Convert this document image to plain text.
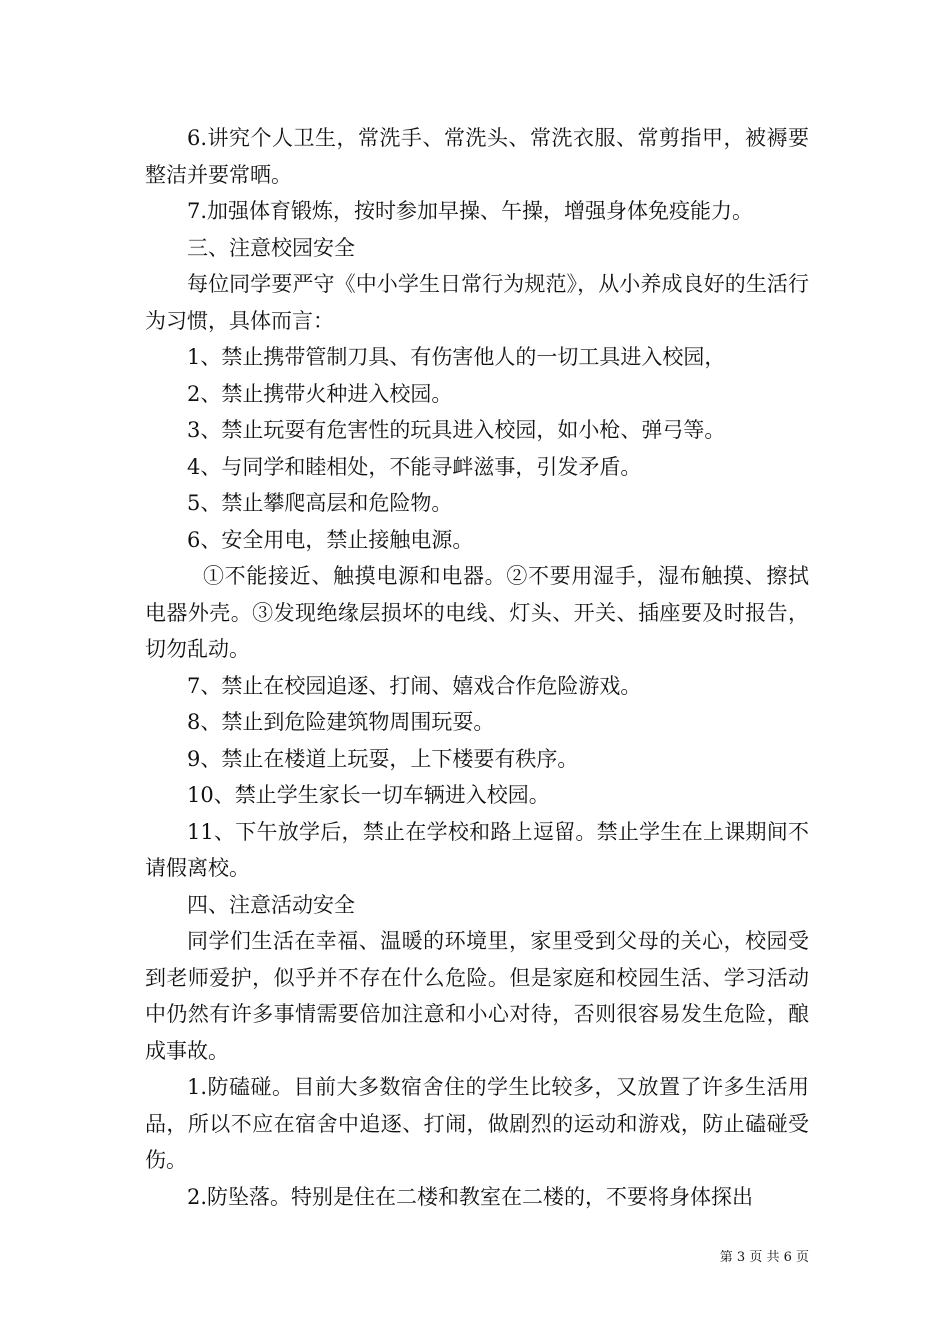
6.讲究个人卫生，常洗手、常洗头、常洗衣服、常剪指甲，被褥要整洁并要常晒。

7.加强体育锻炼，按时参加早操、午操，增强身体免疫能力。

三、注意校园安全

每位同学要严守《中小学生日常行为规范》，从小养成良好的生活行为习惯，具体而言：

1、禁止携带管制刀具、有伤害他人的一切工具进入校园，

2、禁止携带火种进入校园。

3、禁止玩耍有危害性的玩具进入校园，如小枪、弹弓等。

4、与同学和睦相处，不能寻衅滋事，引发矛盾。

5、禁止攀爬高层和危险物。

6、安全用电，禁止接触电源。

①不能接近、触摸电源和电器。②不要用湿手，湿布触摸、擦拭电器外壳。③发现绝缘层损坏的电线、灯头、开关、插座要及时报告，切勿乱动。

7、禁止在校园追逐、打闹、嬉戏合作危险游戏。

8、禁止到危险建筑物周围玩耍。

9、禁止在楼道上玩耍，上下楼要有秩序。

10、禁止学生家长一切车辆进入校园。

11、下午放学后，禁止在学校和路上逗留。禁止学生在上课期间不请假离校。

四、注意活动安全

同学们生活在幸福、温暖的环境里，家里受到父母的关心，校园受到老师爱护，似乎并不存在什么危险。但是家庭和校园生活、学习活动中仍然有许多事情需要倍加注意和小心对待，否则很容易发生危险，酿成事故。

1.防磕碰。目前大多数宿舍住的学生比较多，又放置了许多生活用品，所以不应在宿舍中追逐、打闹，做剧烈的运动和游戏，防止磕碰受伤。

2.防坠落。特别是住在二楼和教室在二楼的，不要将身体探出

第 3 页 共 6 页
